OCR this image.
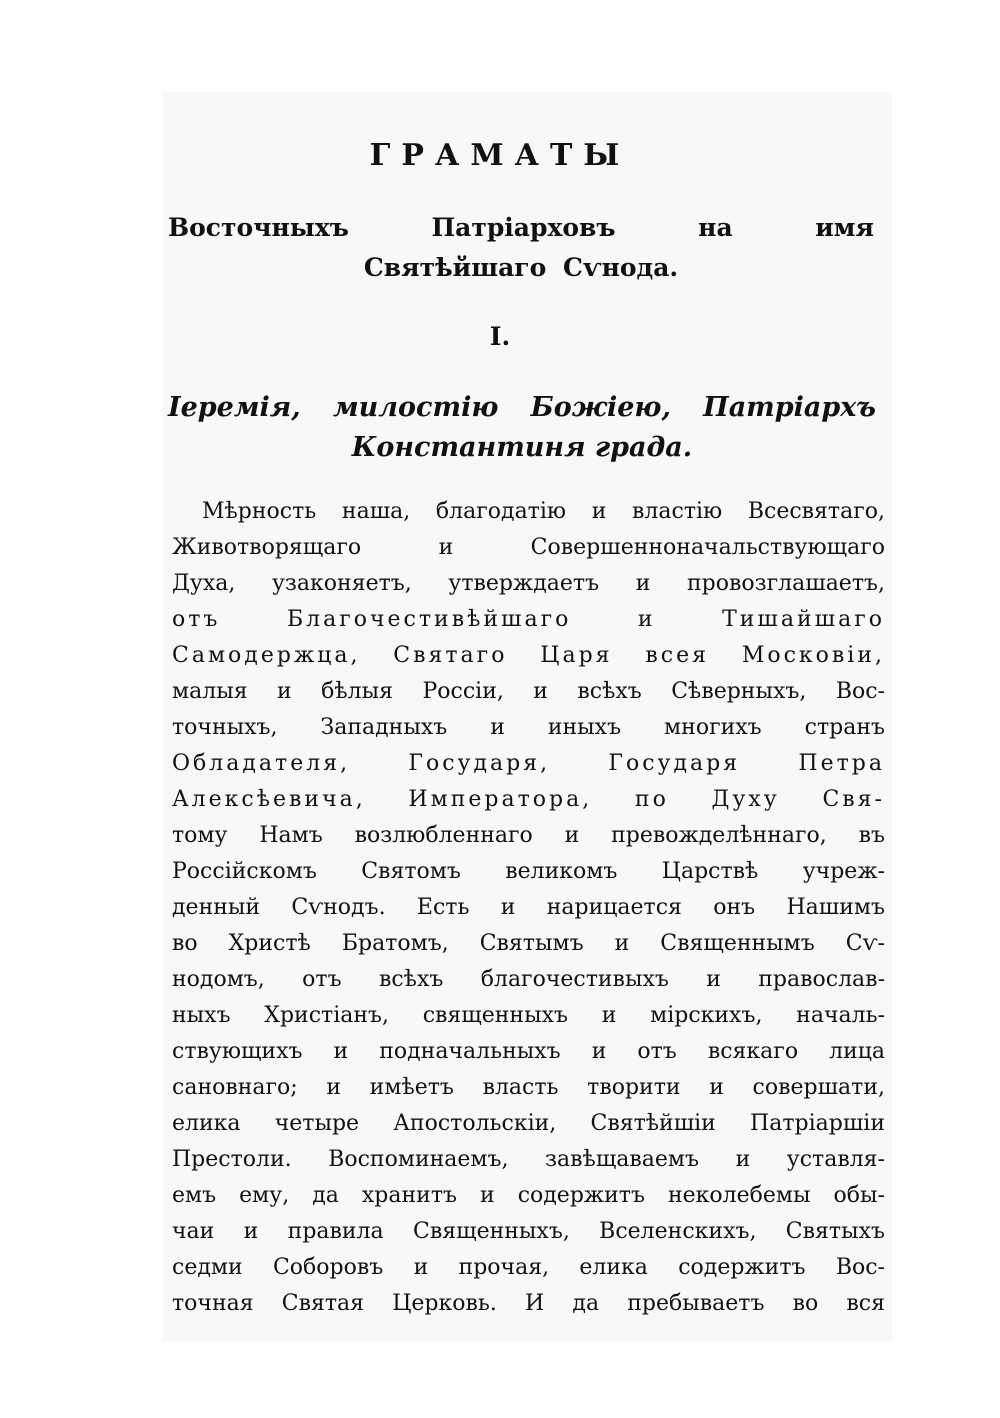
ГРАМАТЫ
Восточныхъ Патріарховъ на имя Святѣйшаго Сѵнода.
I.
Іеремія, милостію Божіею, Патріархъ Константиня града.
Мѣрность наша, благодатію и властію Всесвятаго,
Животворящаго и Совершенноначальствующаго
Духа, узаконяетъ, утверждаетъ и провозглашаетъ,
отъ Благочестивѣйшаго и Тишайшаго
Самодержца, Святаго Царя всея Московіи,
малыя и бѣлыя Россіи, и всѣхъ Сѣверныхъ, Вос-
точныхъ, Западныхъ и иныхъ многихъ странъ
Обладателя, Государя, Государя Петра
Алексѣевича, Императора, по Духу Свя-
тому Намъ возлюбленнаго и превожделѣннаго, въ
Россійскомъ Святомъ великомъ Царствѣ учреж-
денный Сѵнодъ. Есть и нарицается онъ Нашимъ
во Христѣ Братомъ, Святымъ и Священнымъ Сѵ-
нодомъ, отъ всѣхъ благочестивыхъ и православ-
ныхъ Христіанъ, священныхъ и мірскихъ, началь-
ствующихъ и подначальныхъ и отъ всякаго лица
сановнаго; и имѣетъ власть творити и совершати,
елика четыре Апостольскіи, Святѣйшіи Патріаршіи
Престоли. Воспоминаемъ, завѣщаваемъ и уставля-
емъ ему, да хранитъ и содержитъ неколебемы обы-
чаи и правила Священныхъ, Вселенскихъ, Святыхъ
седми Соборовъ и прочая, елика содержитъ Вос-
точная Святая Церковь. И да пребываетъ во вся
